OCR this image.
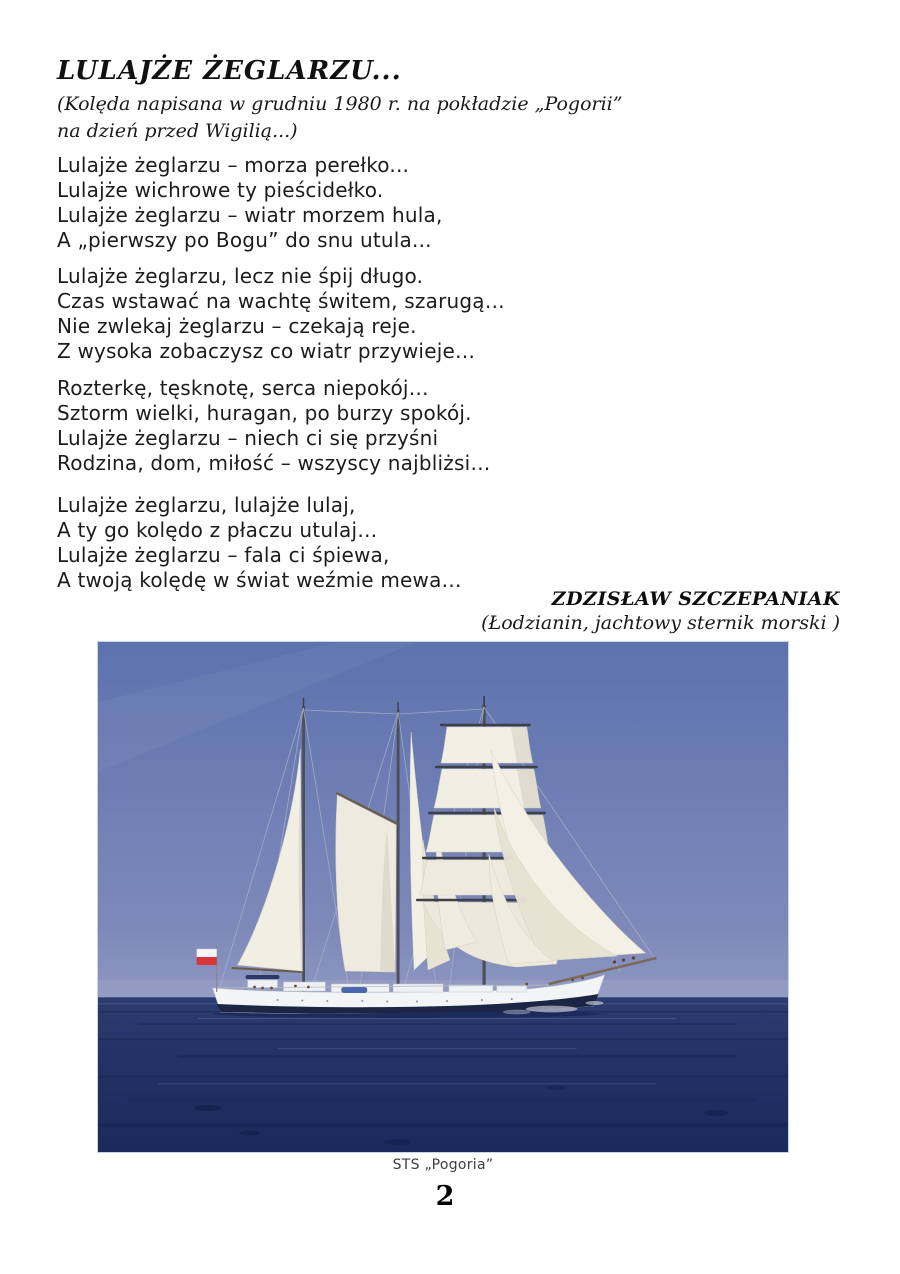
LULAJŻE ŻEGLARZU...
(Kolęda napisana w grudniu 1980 r. na pokładzie „Pogorii”
na dzień przed Wigilią...)
Lulajże żeglarzu – morza perełko...
Lulajże wichrowe ty pieścidełko.
Lulajże żeglarzu – wiatr morzem hula,
A „pierwszy po Bogu” do snu utula...
Lulajże żeglarzu, lecz nie śpij długo.
Czas wstawać na wachtę świtem, szarugą…
Nie zwlekaj żeglarzu – czekają reje.
Z wysoka zobaczysz co wiatr przywieje…
Rozterkę, tęsknotę, serca niepokój…
Sztorm wielki, huragan, po burzy spokój.
Lulajże żeglarzu – niech ci się przyśni
Rodzina, dom, miłość – wszyscy najbliżsi…
Lulajże żeglarzu, lulajże lulaj,
A ty go kolędo z płaczu utulaj…
Lulajże żeglarzu – fala ci śpiewa,
A twoją kolędę w świat weźmie mewa…
ZDZISŁAW SZCZEPANIAK
(Łodzianin, jachtowy sternik morski )
STS „Pogoria”
2
